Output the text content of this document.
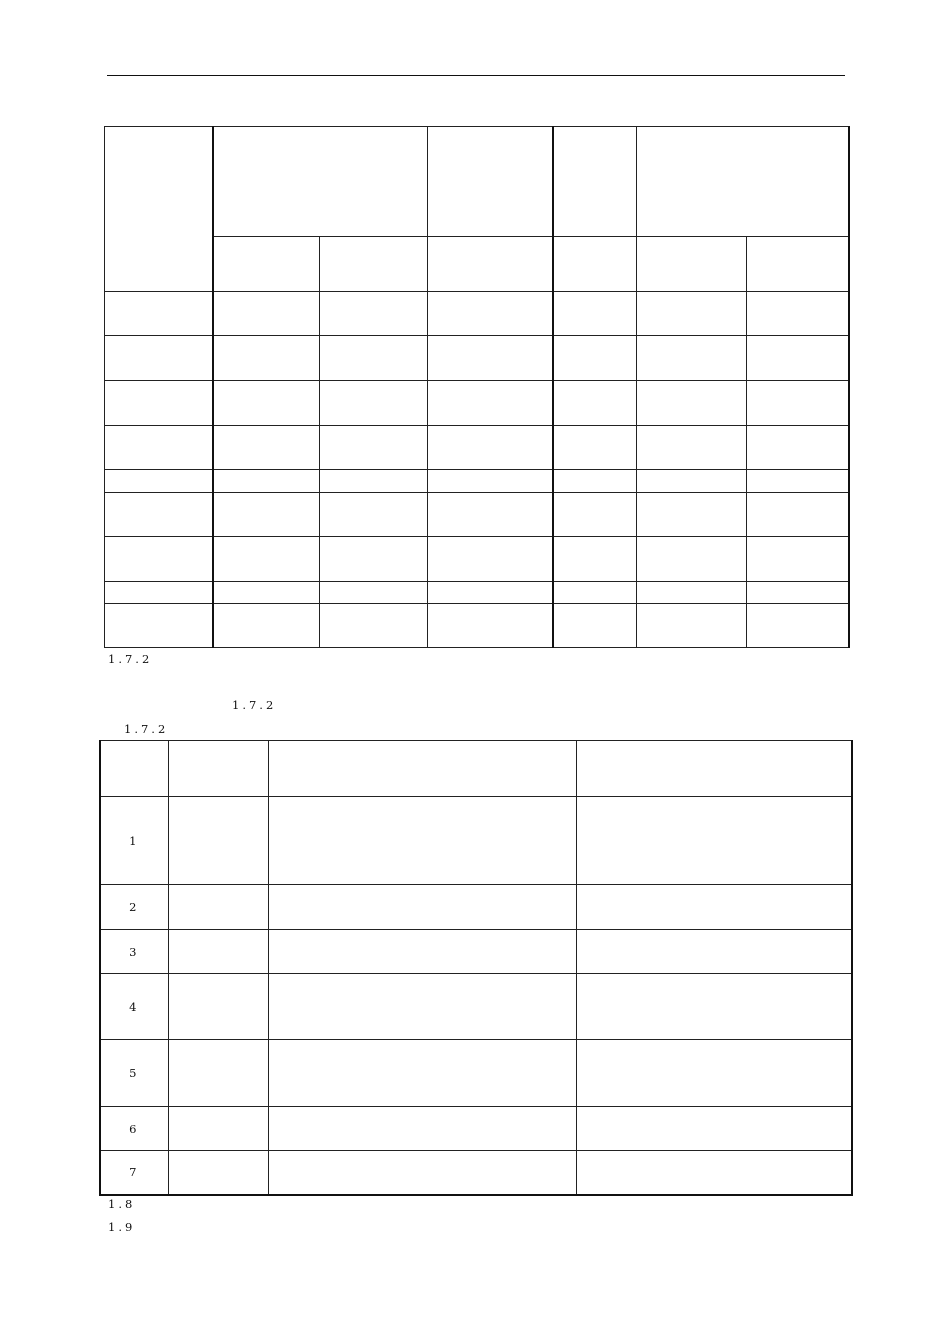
1.7.2
1.7.2
1.7.2

1			
2			
3			
4			
5			
6			
7			
1.8
1.9
